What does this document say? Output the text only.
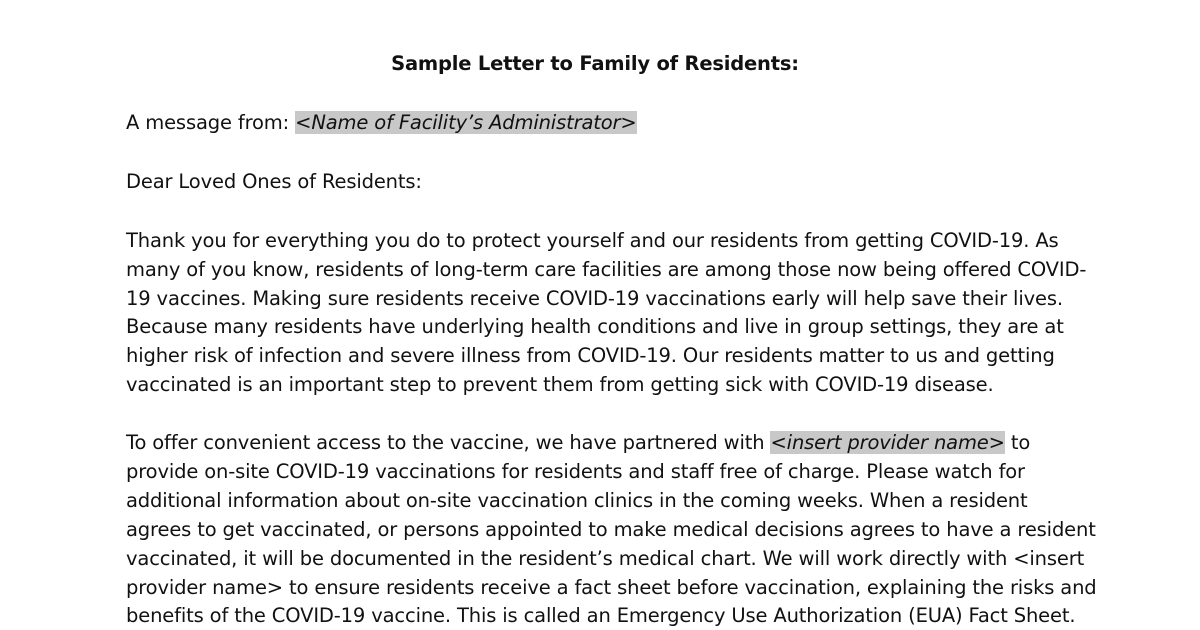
Sample Letter to Family of Residents:
A message from: <Name of Facility’s Administrator>
Dear Loved Ones of Residents:
Thank you for everything you do to protect yourself and our residents from getting COVID-19. As
many of you know, residents of long-term care facilities are among those now being offered COVID-
19 vaccines. Making sure residents receive COVID-19 vaccinations early will help save their lives.
Because many residents have underlying health conditions and live in group settings, they are at
higher risk of infection and severe illness from COVID-19. Our residents matter to us and getting
vaccinated is an important step to prevent them from getting sick with COVID-19 disease.
To offer convenient access to the vaccine, we have partnered with <insert provider name> to
provide on-site COVID-19 vaccinations for residents and staff free of charge. Please watch for
additional information about on-site vaccination clinics in the coming weeks. When a resident
agrees to get vaccinated, or persons appointed to make medical decisions agrees to have a resident
vaccinated, it will be documented in the resident’s medical chart. We will work directly with <insert
provider name> to ensure residents receive a fact sheet before vaccination, explaining the risks and
benefits of the COVID-19 vaccine. This is called an Emergency Use Authorization (EUA) Fact Sheet.
